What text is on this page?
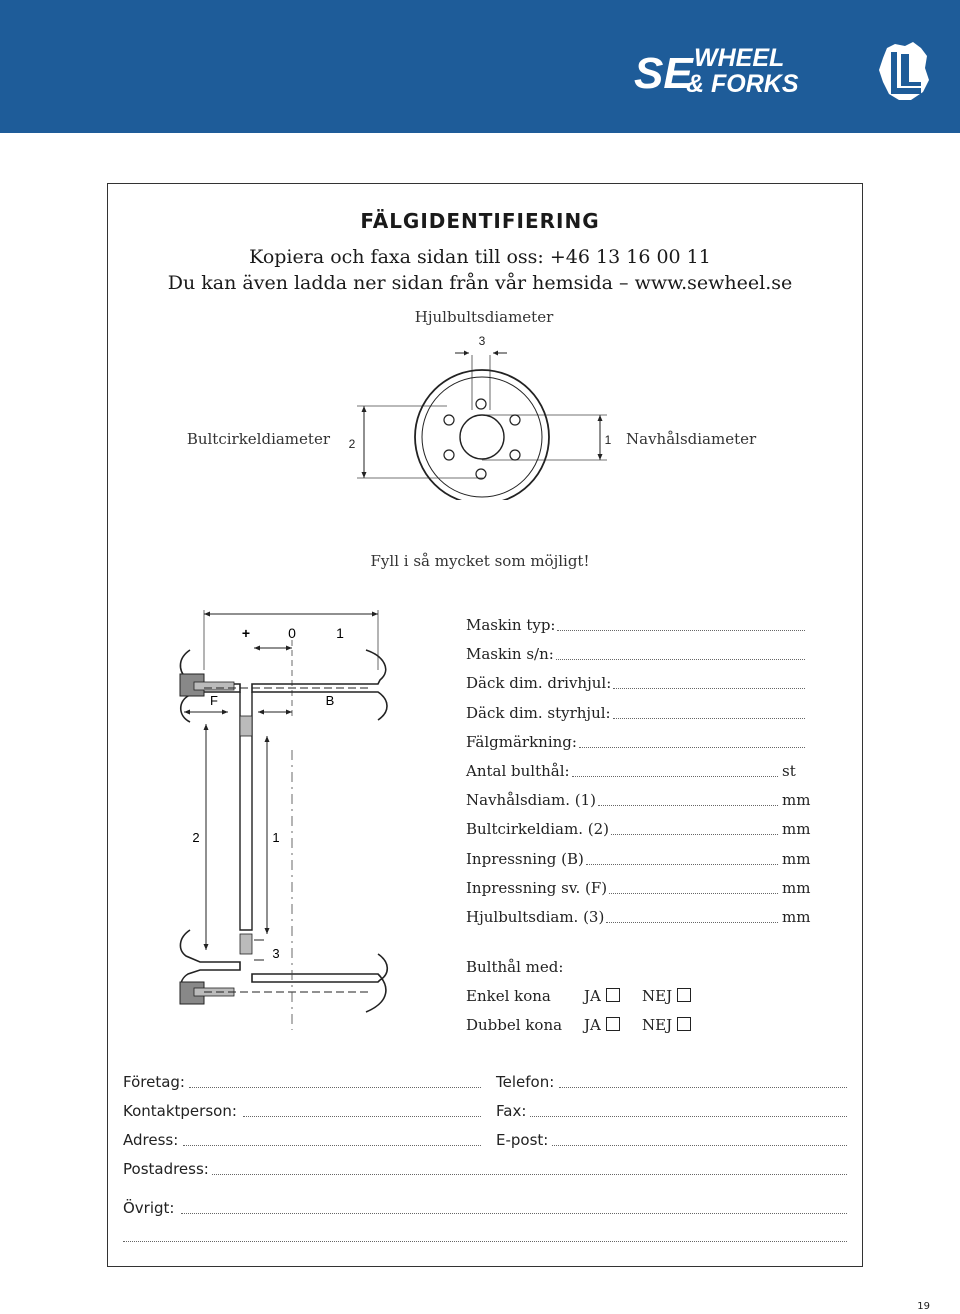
SE WHEEL
& FORKS
FÄLGIDENTIFIERING
Kopiera och faxa sidan till oss: +46 13 16 00 11
Du kan även ladda ner sidan från vår hemsida – www.sewheel.se
Hjulbultsdiameter
3
Bultcirkeldiameter 2	1 Navhålsdiameter
Fyll i så mycket som möjligt!
+	0	1
F	B
2	1
3
Maskin typ:
Maskin s/n:
Däck dim. drivhjul:
Däck dim. styrhjul:
Fälgmärkning:
Antal bulthål:	st
Navhålsdiam. (1)	mm
Bultcirkeldiam. (2)	mm
Inpressning (B)	mm
Inpressning sv. (F)	mm
Hjulbultsdiam. (3)	mm
Bulthål med:
Enkel kona JA	NEJ
Dubbel kona JA	NEJ
Företag:
Kontaktperson:
Adress:
Postadress:
Telefon:
Fax:
E-post:
Övrigt:
19
